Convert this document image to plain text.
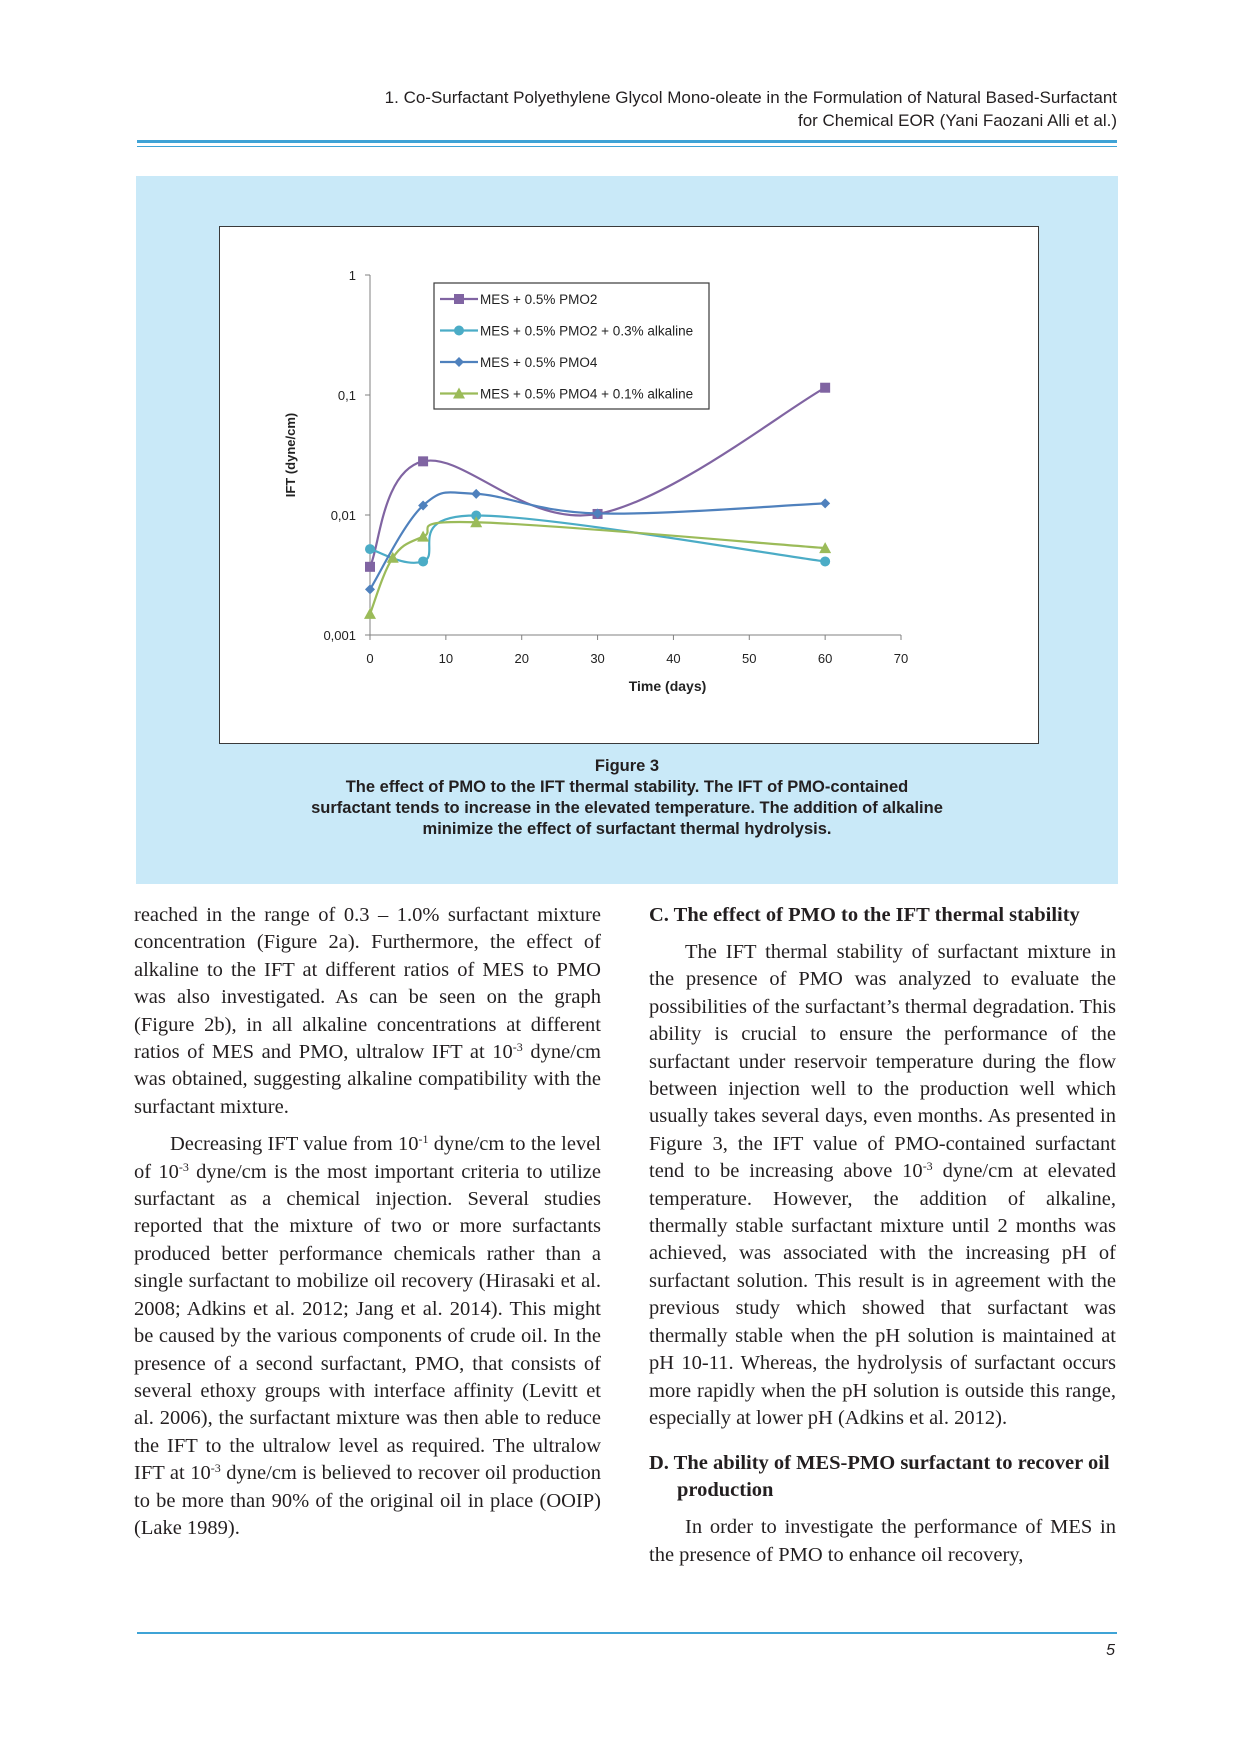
1. Co-Surfactant Polyethylene Glycol Mono-oleate in the Formulation of Natural Based-Surfactant
for Chemical EOR (Yani Faozani Alli et al.)
1
0,1
0,01
0,001
0	10	20	30	40	50	60	70
Time (days)
IFT (dyne/cm)
MES + 0.5% PMO2
MES + 0.5% PMO2 + 0.3% alkaline
MES + 0.5% PMO4
MES + 0.5% PMO4 + 0.1% alkaline
Figure 3
The effect of PMO to the IFT thermal stability. The IFT of PMO-contained
surfactant tends to increase in the elevated temperature. The addition of alkaline
minimize the effect of surfactant thermal hydrolysis.

reached in the range of 0.3 – 1.0% surfactant mixture concentration (Figure 2a). Furthermore, the effect of alkaline to the IFT at different ratios of MES to PMO was also investigated. As can be seen on the graph (Figure 2b), in all alkaline concentrations at different ratios of MES and PMO, ultralow IFT at $10^{-3}$ dyne/cm was obtained, suggesting alkaline compatibility with the surfactant mixture.

Decreasing IFT value from $10^{-1}$ dyne/cm to the level of $10^{-3}$ dyne/cm is the most important criteria to utilize surfactant as a chemical injection. Several studies reported that the mixture of two or more surfactants produced better performance chemicals rather than a single surfactant to mobilize oil recovery (Hirasaki et al. 2008; Adkins et al. 2012; Jang et al. 2014). This might be caused by the various components of crude oil. In the presence of a second surfactant, PMO, that consists of several ethoxy groups with interface affinity (Levitt et al. 2006), the surfactant mixture was then able to reduce the IFT to the ultralow level as required. The ultralow IFT at $10^{-3}$ dyne/cm is believed to recover oil production to be more than 90% of the original oil in place (OOIP) (Lake 1989).

C. The effect of PMO to the IFT thermal stability

The IFT thermal stability of surfactant mixture in the presence of PMO was analyzed to evaluate the possibilities of the surfactant’s thermal degradation. This ability is crucial to ensure the performance of the surfactant under reservoir temperature during the flow between injection well to the production well which usually takes several days, even months. As presented in Figure 3, the IFT value of PMO-contained surfactant tend to be increasing above $10^{-3}$ dyne/cm at elevated temperature. However, the addition of alkaline, thermally stable surfactant mixture until 2 months was achieved, was associated with the increasing pH of surfactant solution. This result is in agreement with the previous study which showed that surfactant was thermally stable when the pH solution is maintained at pH 10-11. Whereas, the hydrolysis of surfactant occurs more rapidly when the pH solution is outside this range, especially at lower pH (Adkins et al. 2012).

D. The ability of MES-PMO surfactant to recover oil production

In order to investigate the performance of MES in the presence of PMO to enhance oil recovery,

5
